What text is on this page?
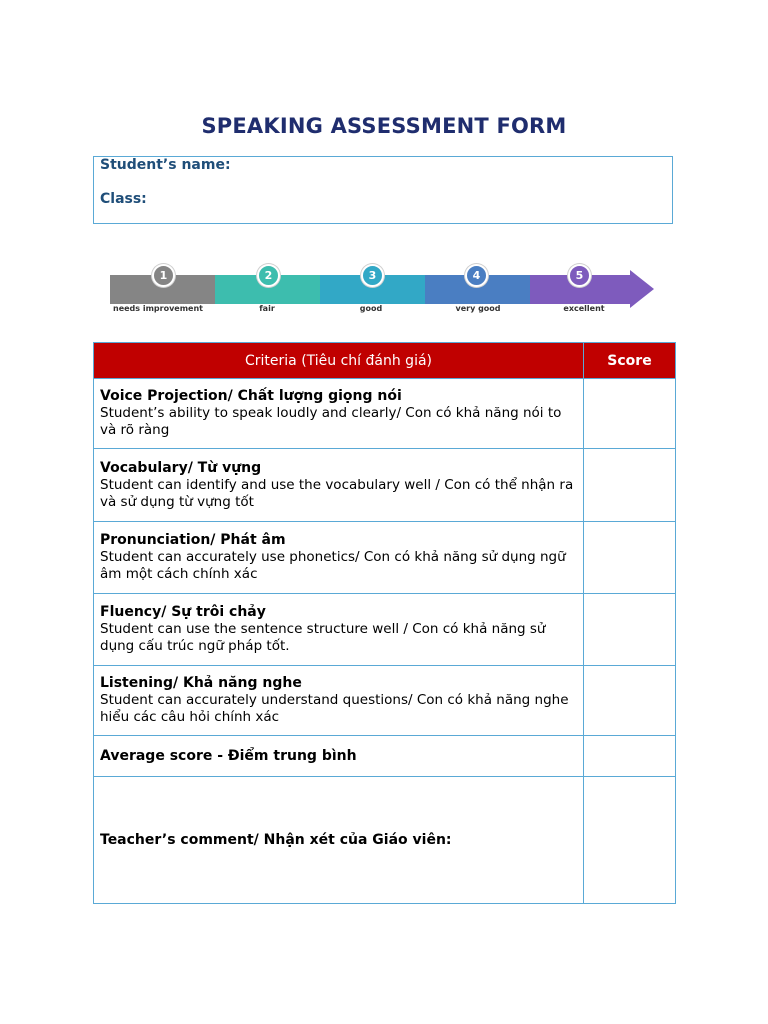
SPEAKING ASSESSMENT FORM
Student’s name:
Class:
1	2	3	4	5
needs improvement	fair	good	very good	excellent
Criteria (Tiêu chí đánh giá)	Score

Voice Projection/ Chất lượng giọng nói
Student’s ability to speak loudly and clearly/ Con có khả năng nói to và rõ ràng	

Vocabulary/ Từ vựng
Student can identify and use the vocabulary well / Con có thể nhận ra và sử dụng từ vựng tốt	

Pronunciation/ Phát âm
Student can accurately use phonetics/ Con có khả năng sử dụng ngữ âm một cách chính xác	

Fluency/ Sự trôi chảy
Student can use the sentence structure well / Con có khả năng sử dụng cấu trúc ngữ pháp tốt.	

Listening/ Khả năng nghe
Student can accurately understand questions/ Con có khả năng nghe hiểu các câu hỏi chính xác	

Average score - Điểm trung bình	
Teacher’s comment/ Nhận xét của Giáo viên:	
